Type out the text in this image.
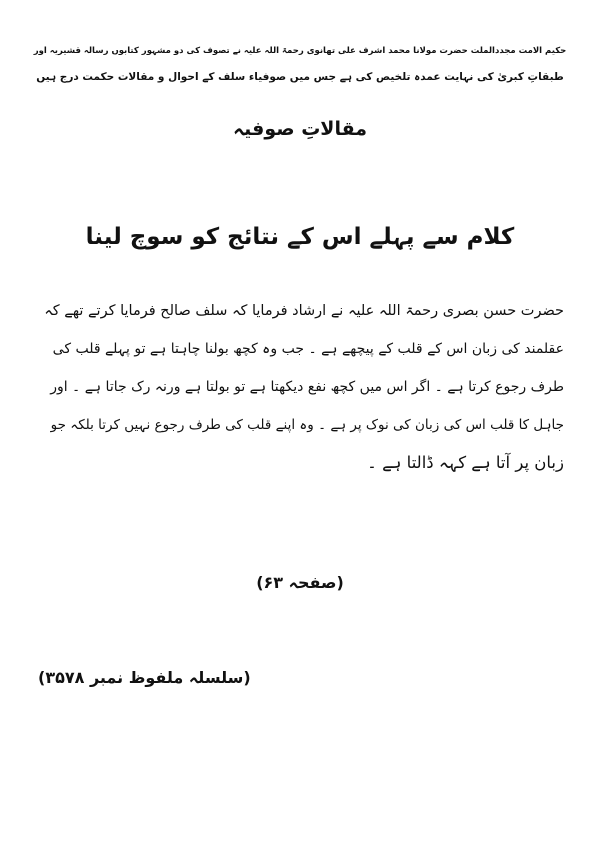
حکیم الامت مجددالملت حضرت مولانا محمد اشرف علی تھانوی رحمۃ اللہ علیہ نے تصوف کی دو مشہور کتابوں رسالہ قشیریہ اور
طبقاتِ کبریٰ کی نہایت عمدہ تلخیص کی ہے جس میں صوفیاء سلف کے احوال و مقالات حکمت درج ہیں
مقالاتِ صوفیہ
کلام سے پہلے اس کے نتائج کو سوچ لینا
حضرت حسن بصری رحمۃ اللہ علیہ نے ارشاد فرمایا کہ سلف صالح فرمایا کرتے تھے کہ
عقلمند کی زبان اس کے قلب کے پیچھے ہے ۔ جب وہ کچھ بولنا چاہتا ہے تو پہلے قلب کی
طرف رجوع کرتا ہے ۔ اگر اس میں کچھ نفع دیکھتا ہے تو بولتا ہے ورنہ رک جاتا ہے ۔ اور
جاہل کا قلب اس کی زبان کی نوک پر ہے ۔ وہ اپنے قلب کی طرف رجوع نہیں کرتا بلکہ جو
زبان پر آتا ہے کہہ ڈالتا ہے ۔
(صفحہ ۶۳)
(سلسلہ ملفوظ نمبر ۳۵۷۸)
